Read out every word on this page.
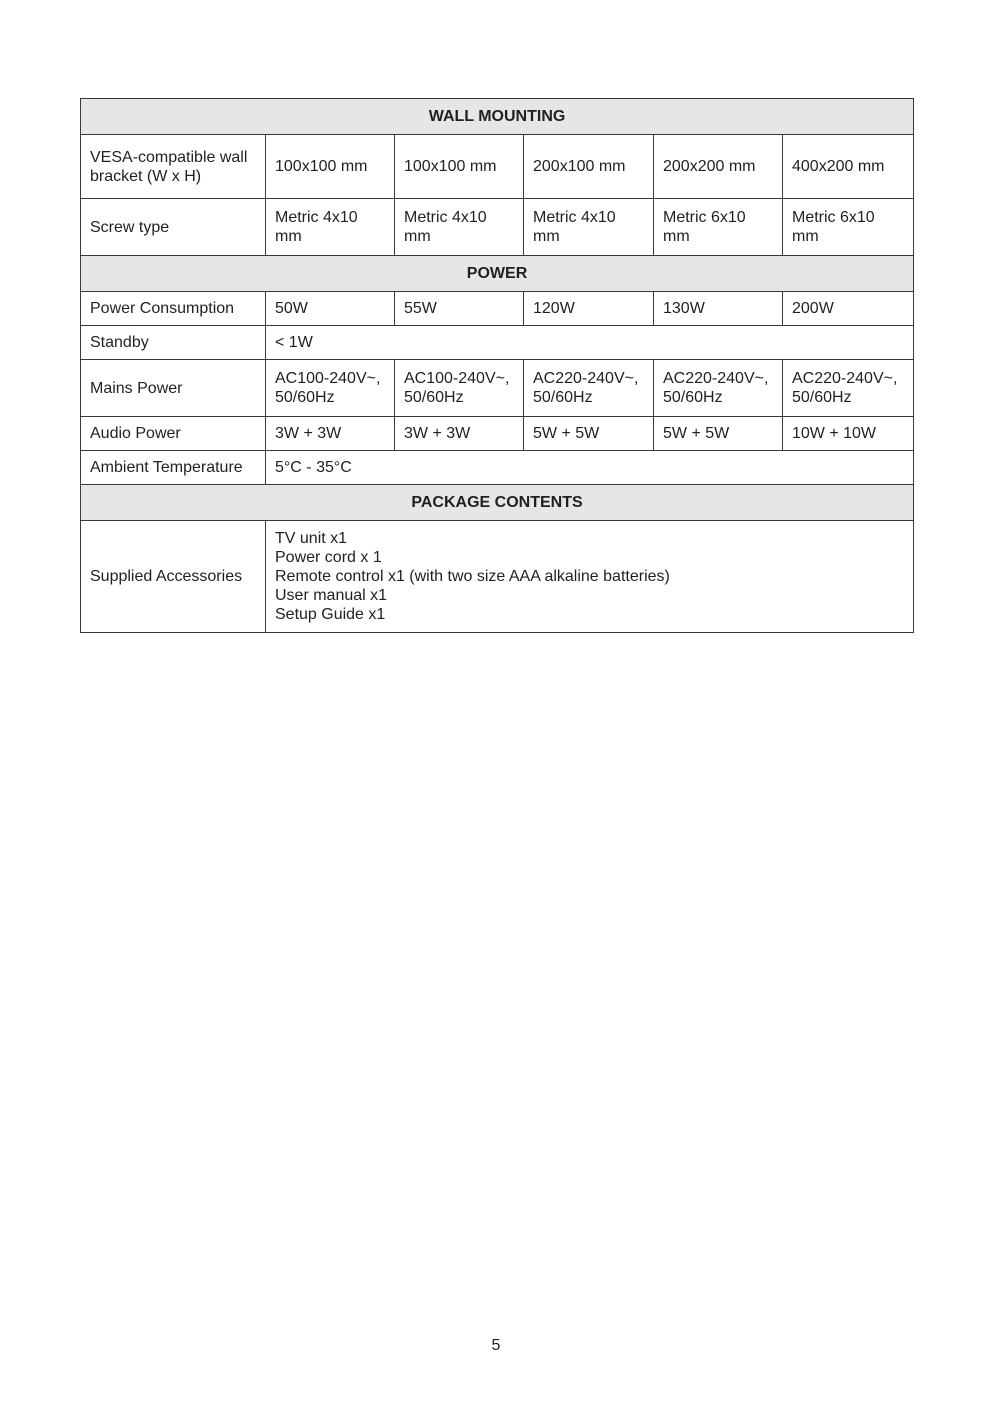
WALL MOUNTING					
VESA-compatible wall bracket (W x H)	100x100 mm	100x100 mm	200x100 mm	200x200 mm	400x200 mm
Screw type	Metric 4x10 mm	Metric 4x10 mm	Metric 4x10 mm	Metric 6x10 mm	Metric 6x10 mm
POWER					
Power Consumption	50W	55W	120W	130W	200W
Standby	< 1W				
Mains Power	AC100-240V~, 50/60Hz	AC100-240V~, 50/60Hz	AC220-240V~, 50/60Hz	AC220-240V~, 50/60Hz	AC220-240V~, 50/60Hz
Audio Power	3W + 3W	3W + 3W	5W + 5W	5W + 5W	10W + 10W
Ambient Temperature	5°C - 35°C				
PACKAGE CONTENTS					
Supplied Accessories	TV unit x1
Power cord x 1
Remote control x1 (with two size AAA alkaline batteries)
User manual x1
Setup Guide x1				
5
